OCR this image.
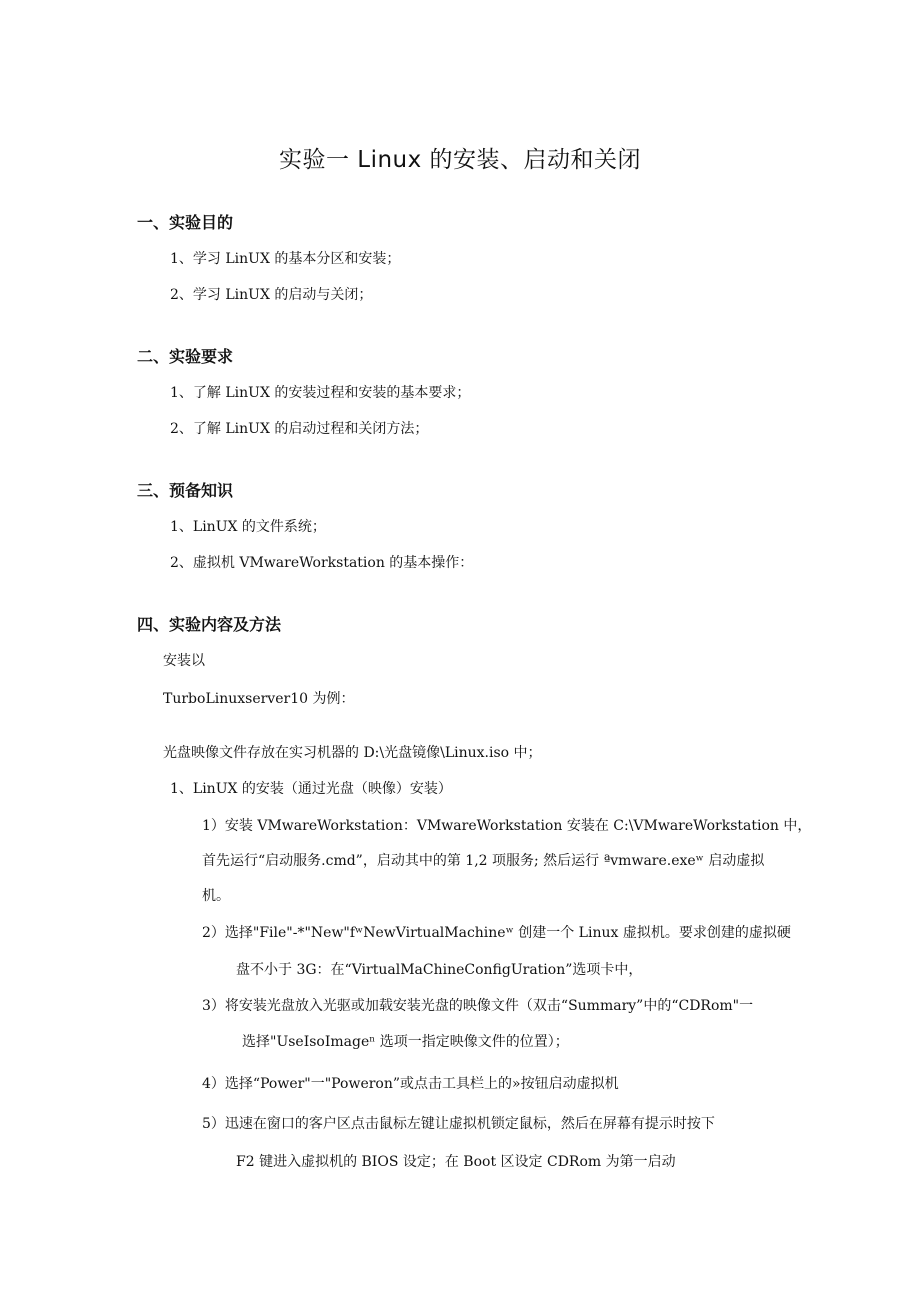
实验一 Linux 的安装、启动和关闭
一、实验目的
1、学习 LinUX 的基本分区和安装；
2、学习 LinUX 的启动与关闭；
二、实验要求
1、了解 LinUX 的安装过程和安装的基本要求；
2、了解 LinUX 的启动过程和关闭方法；
三、预备知识
1、LinUX 的文件系统；
2、虚拟机 VMwareWorkstation 的基本操作：
四、实验内容及方法
安装以
TurboLinuxserver10 为例：
光盘映像文件存放在实习机器的 D:\光盘镜像\Linux.iso 中；
1、LinUX 的安装（通过光盘（映像）安装）
1）安装 VMwareWorkstation：VMwareWorkstation 安装在 C:\VMwareWorkstation 中，
首先运行“启动服务.cmd”，启动其中的第 1,2 项服务; 然后运行 ªvmware.exeʷ 启动虚拟
机。
2）选择"File"-*"New"fʷNewVirtualMachineʷ 创建一个 Linux 虚拟机。要求创建的虚拟硬
盘不小于 3G：在“VirtualMaChineConfigUration”选项卡中，
3）将安装光盘放入光驱或加载安装光盘的映像文件（双击“Summary”中的“CDRom"一
选择"UseIsoImageⁿ 选项一指定映像文件的位置）；
4）选择“Power"一"Poweron”或点击工具栏上的»按钮启动虚拟机
5）迅速在窗口的客户区点击鼠标左键让虚拟机锁定鼠标，然后在屏幕有提示时按下
F2 键进入虚拟机的 BIOS 设定；在 Boot 区设定 CDRom 为第一启动
